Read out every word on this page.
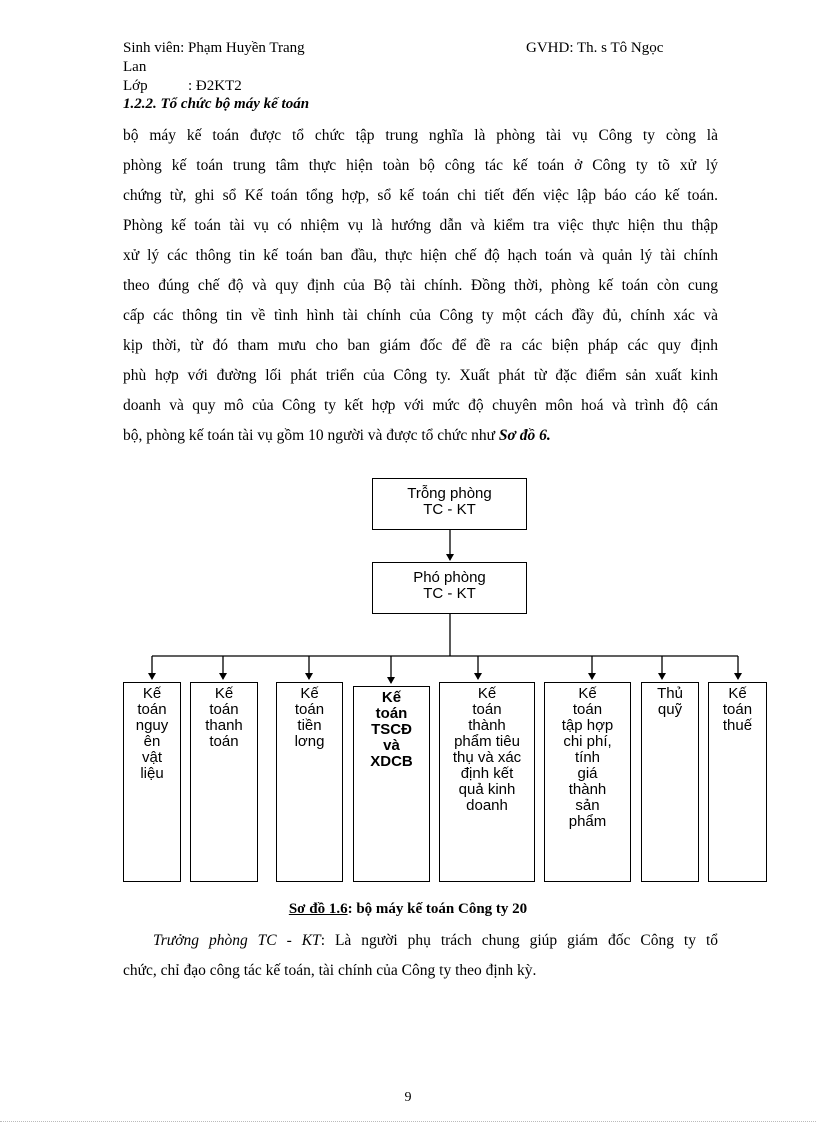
Sinh viên: Phạm Huyền Trang	GVHD: Th. s Tô Ngọc
Lan
Lớp	: Đ2KT2
1.2.2. Tổ chức bộ máy kế toán
bộ máy kế toán được tổ chức tập trung nghĩa là phòng tài vụ Công ty còng là
phòng kế toán trung tâm thực hiện toàn bộ công tác kế toán ở Công ty tõ xử lý
chứng từ, ghi sổ Kế toán tổng hợp, sổ kế toán chi tiết đến việc lập báo cáo kế toán.
Phòng kế toán tài vụ có nhiệm vụ là hướng dẫn và kiểm tra việc thực hiện thu thập
xử lý các thông tin kế toán ban đầu, thực hiện chế độ hạch toán và quản lý tài chính
theo đúng chế độ và quy định của Bộ tài chính. Đồng thời, phòng kế toán còn cung
cấp các thông tin về tình hình tài chính của Công ty một cách đầy đủ, chính xác và
kịp thời, từ đó tham mưu cho ban giám đốc để đề ra các biện pháp các quy định
phù hợp với đường lối phát triển của Công ty. Xuất phát từ đặc điểm sản xuất kinh
doanh và quy mô của Công ty kết hợp với mức độ chuyên môn hoá và trình độ cán
bộ, phòng kế toán tài vụ gồm 10 người và được tổ chức như Sơ đồ 6.
Trỗng phòng
TC - KT
Phó phòng
TC - KT
Kế
toán
nguy
ên
vật
liệu
Kế
toán
thanh
toán
Kế
toán
tiền
lơng
Kế
toán
TSCĐ
và
XDCB
Kế
toán
thành
phẩm tiêu
thụ và xác
định kết
quả kinh
doanh
Kế
toán
tập hợp
chi phí,
tính
giá
thành
sản
phẩm
Thủ
quỹ
Kế
toán
thuế
Sơ đồ 1.6: bộ máy kế toán Công ty 20
Trưởng phòng TC - KT: Là người phụ trách chung giúp giám đốc Công ty tổ
chức, chỉ đạo công tác kế toán, tài chính của Công ty theo định kỳ.
9
